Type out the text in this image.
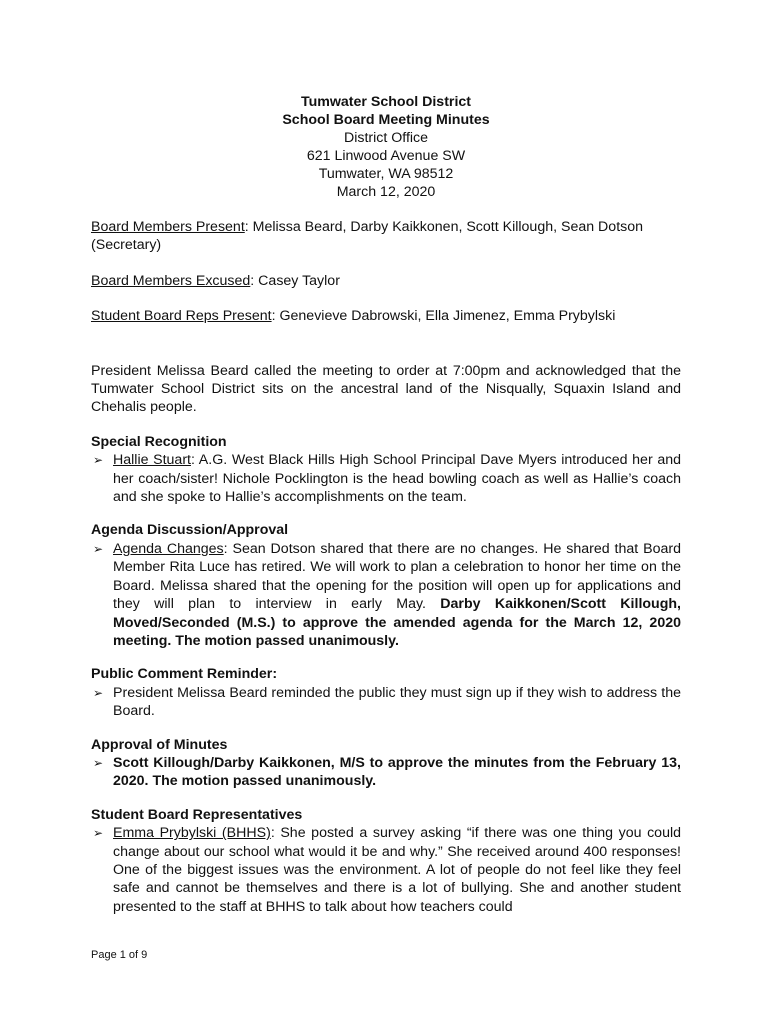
Tumwater School District
School Board Meeting Minutes
District Office
621 Linwood Avenue SW
Tumwater, WA 98512
March 12, 2020

Board Members Present: Melissa Beard, Darby Kaikkonen, Scott Killough, Sean Dotson (Secretary)

Board Members Excused: Casey Taylor

Student Board Reps Present: Genevieve Dabrowski, Ella Jimenez, Emma Prybylski

President Melissa Beard called the meeting to order at 7:00pm and acknowledged that the Tumwater School District sits on the ancestral land of the Nisqually, Squaxin Island and Chehalis people.

Special Recognition
➢ Hallie Stuart: A.G. West Black Hills High School Principal Dave Myers introduced her and her coach/sister! Nichole Pocklington is the head bowling coach as well as Hallie’s coach and she spoke to Hallie’s accomplishments on the team.
Agenda Discussion/Approval
➢ Agenda Changes: Sean Dotson shared that there are no changes. He shared that Board Member Rita Luce has retired. We will work to plan a celebration to honor her time on the Board. Melissa shared that the opening for the position will open up for applications and they will plan to interview in early May. Darby Kaikkonen/Scott Killough, Moved/Seconded (M.S.) to approve the amended agenda for the March 12, 2020 meeting. The motion passed unanimously.
Public Comment Reminder:
➢ President Melissa Beard reminded the public they must sign up if they wish to address the Board.
Approval of Minutes
➢ Scott Killough/Darby Kaikkonen, M/S to approve the minutes from the February 13, 2020. The motion passed unanimously.
Student Board Representatives
➢ Emma Prybylski (BHHS): She posted a survey asking “if there was one thing you could change about our school what would it be and why.” She received around 400 responses! One of the biggest issues was the environment. A lot of people do not feel like they feel safe and cannot be themselves and there is a lot of bullying. She and another student presented to the staff at BHHS to talk about how teachers could
Page 1 of 9
